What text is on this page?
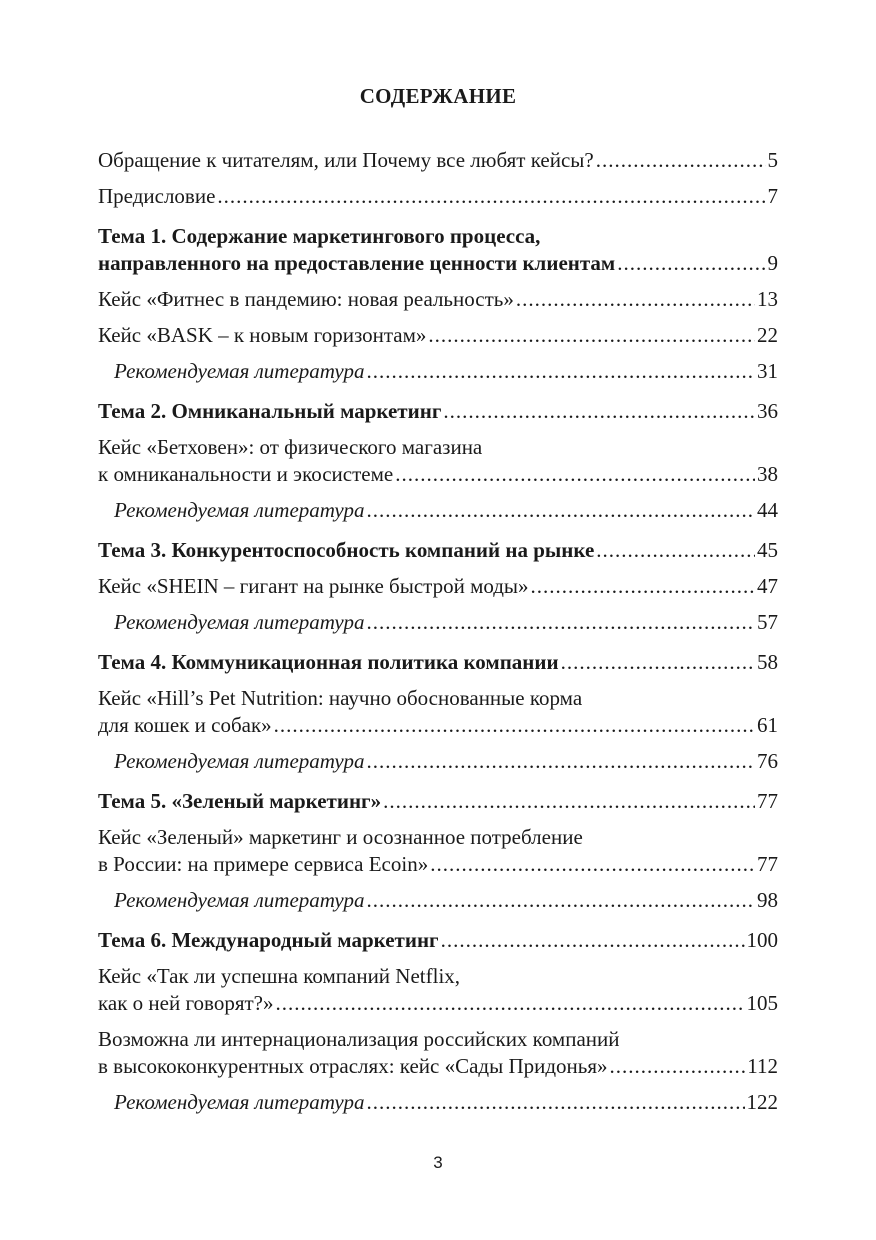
СОДЕРЖАНИЕ
Обращение к читателям, или Почему все любят кейсы? .....	5
Предисловие .....	7
Тема 1. Содержание маркетингового процесса,
направленного на предоставление ценности клиентам .....	9
Кейс «Фитнес в пандемию: новая реальность» .....	13
Кейс «BASK – к новым горизонтам» .....	22
Рекомендуемая литература .....	31
Тема 2. Омниканальный маркетинг .....	36
Кейс «Бетховен»: от физического магазина
к омниканальности и экосистеме .....	38
Рекомендуемая литература .....	44
Тема 3. Конкурентоспособность компаний на рынке .....	45
Кейс «SHEIN – гигант на рынке быстрой моды» .....	47
Рекомендуемая литература .....	57
Тема 4. Коммуникационная политика компании .....	58
Кейс «Hill’s Pet Nutrition: научно обоснованные корма
для кошек и собак» .....	61
Рекомендуемая литература .....	76
Тема 5. «Зеленый маркетинг» .....	77
Кейс «Зеленый» маркетинг и осознанное потребление
в России: на примере сервиса Ecoin» .....	77
Рекомендуемая литература .....	98
Тема 6. Международный маркетинг .....	100
Кейс «Так ли успешна компаний Netflix,
как о ней говорят?» .....	105
Возможна ли интернационализация российских компаний
в высококонкурентных отраслях: кейс «Сады Придонья» .....	112
Рекомендуемая литература .....	122
3
